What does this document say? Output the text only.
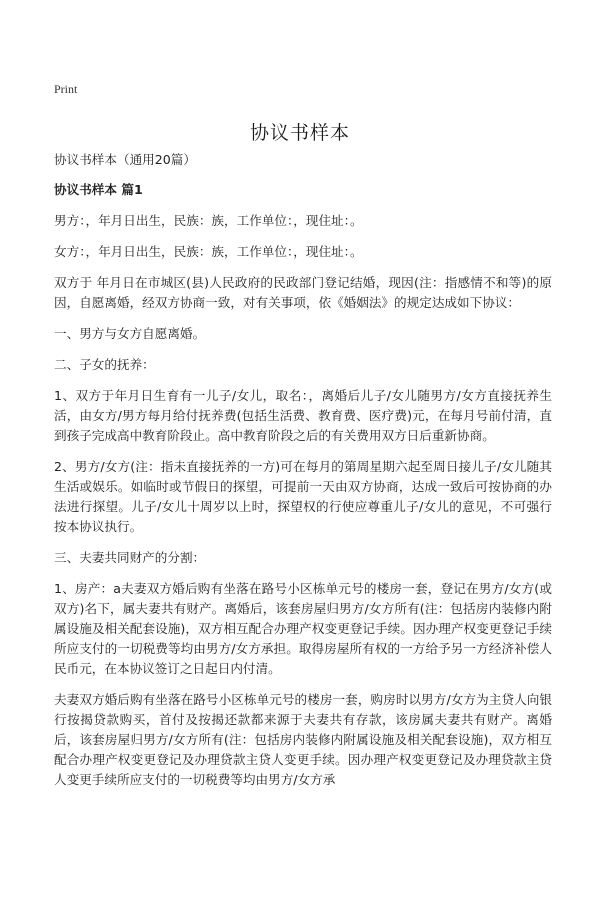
Print
协议书样本

协议书样本（通用20篇）

协议书样本 篇1

男方：，年月日出生，民族：族，工作单位：，现住址：。

女方：，年月日出生，民族：族，工作单位：，现住址：。

双方于 年月日在市城区(县)人民政府的民政部门登记结婚，现因(注：指感情不和等)的原因，自愿离婚，经双方协商一致，对有关事项，依《婚姻法》的规定达成如下协议：

一、男方与女方自愿离婚。

二、子女的抚养：

1、双方于年月日生育有一儿子/女儿，取名：，离婚后儿子/女儿随男方/女方直接抚养生活，由女方/男方每月给付抚养费(包括生活费、教育费、医疗费)元，在每月号前付清，直到孩子完成高中教育阶段止。高中教育阶段之后的有关费用双方日后重新协商。

2、男方/女方(注：指未直接抚养的一方)可在每月的第周星期六起至周日接儿子/女儿随其生活或娱乐。如临时或节假日的探望，可提前一天由双方协商，达成一致后可按协商的办法进行探望。儿子/女儿十周岁以上时，探望权的行使应尊重儿子/女儿的意见，不可强行按本协议执行。

三、夫妻共同财产的分割：

1、房产：a夫妻双方婚后购有坐落在路号小区栋单元号的楼房一套，登记在男方/女方(或双方)名下，属夫妻共有财产。离婚后，该套房屋归男方/女方所有(注：包括房内装修内附属设施及相关配套设施)，双方相互配合办理产权变更登记手续。因办理产权变更登记手续所应支付的一切税费等均由男方/女方承担。取得房屋所有权的一方给予另一方经济补偿人民币元，在本协议签订之日起日内付清。

夫妻双方婚后购有坐落在路号小区栋单元号的楼房一套，购房时以男方/女方为主贷人向银行按揭贷款购买，首付及按揭还款都来源于夫妻共有存款，该房属夫妻共有财产。离婚后，该套房屋归男方/女方所有(注：包括房内装修内附属设施及相关配套设施)，双方相互配合办理产权变更登记及办理贷款主贷人变更手续。因办理产权变更登记及办理贷款主贷人变更手续所应支付的一切税费等均由男方/女方承
